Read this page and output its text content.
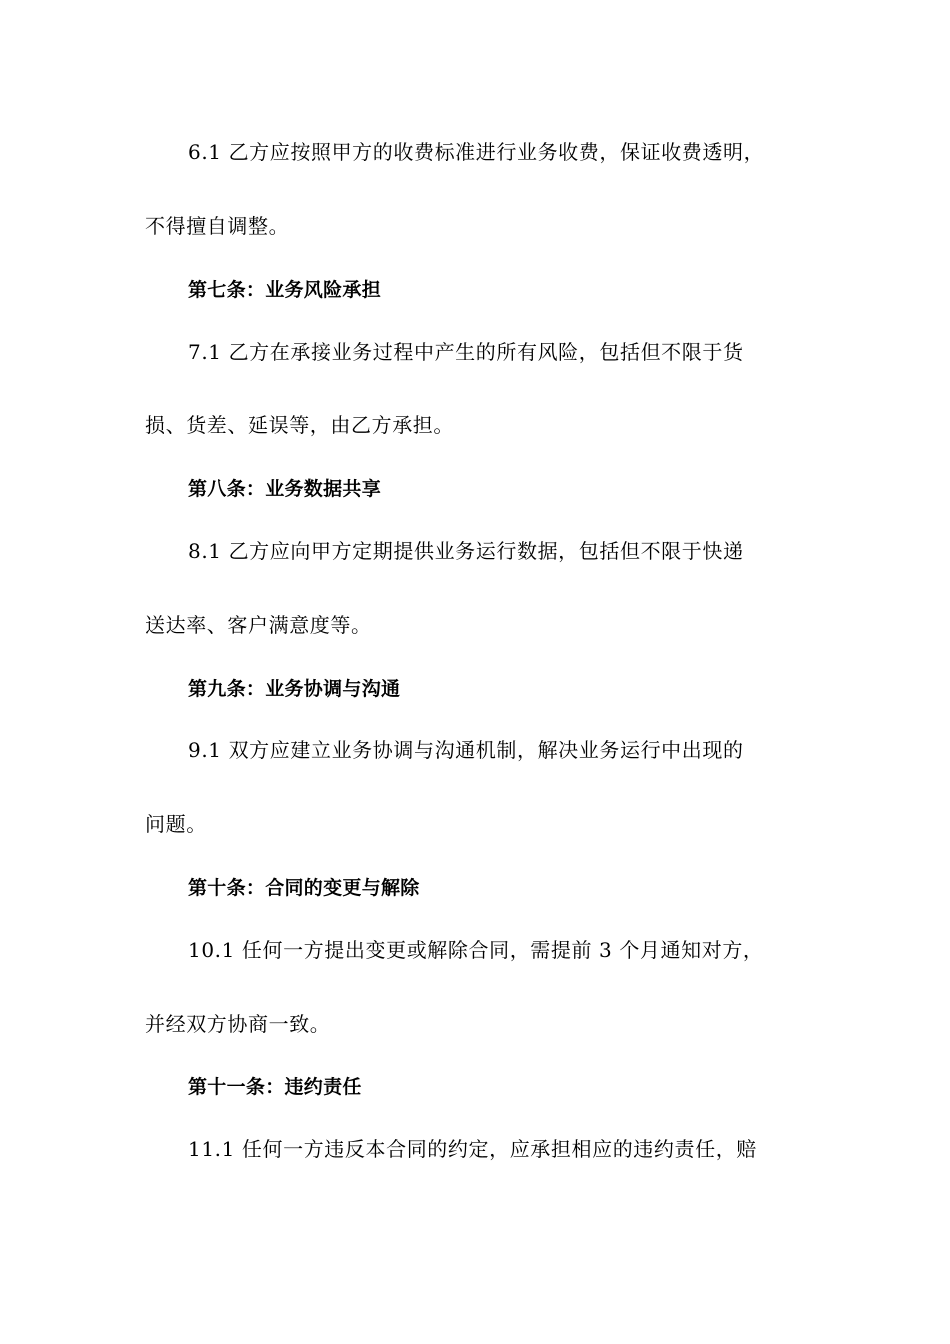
6.1 乙方应按照甲方的收费标准进行业务收费，保证收费透明，
不得擅自调整。
第七条：业务风险承担
7.1 乙方在承接业务过程中产生的所有风险，包括但不限于货
损、货差、延误等，由乙方承担。
第八条：业务数据共享
8.1 乙方应向甲方定期提供业务运行数据，包括但不限于快递
送达率、客户满意度等。
第九条：业务协调与沟通
9.1 双方应建立业务协调与沟通机制，解决业务运行中出现的
问题。
第十条：合同的变更与解除
10.1 任何一方提出变更或解除合同，需提前 3 个月通知对方，
并经双方协商一致。
第十一条：违约责任
11.1 任何一方违反本合同的约定，应承担相应的违约责任，赔
